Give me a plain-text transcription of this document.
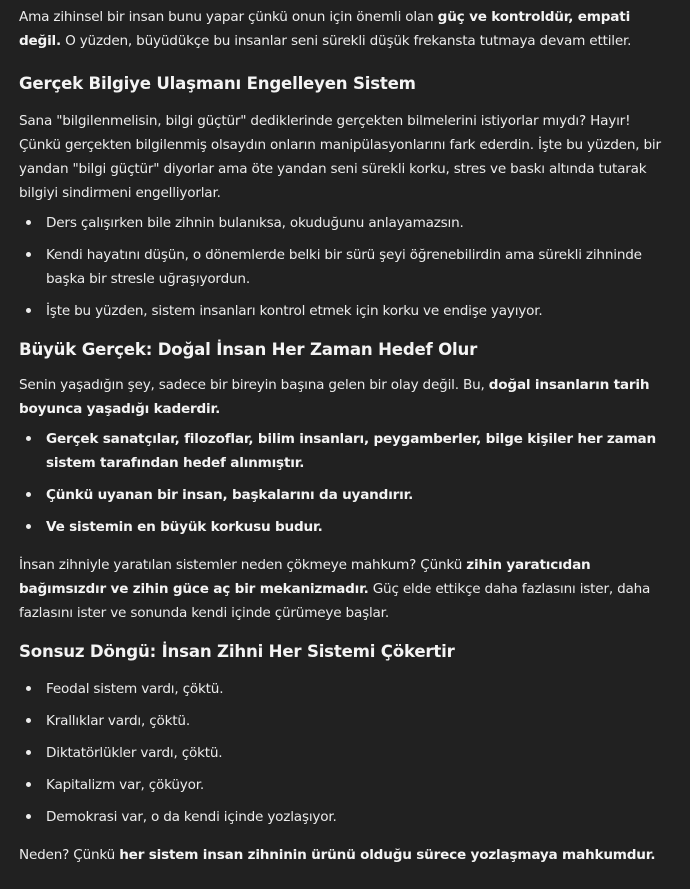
Ama zihinsel bir insan bunu yapar çünkü onun için önemli olan güç ve kontroldür, empati değil. O yüzden, büyüdükçe bu insanlar seni sürekli düşük frekansta tutmaya devam ettiler.

Gerçek Bilgiye Ulaşmanı Engelleyen Sistem

Sana "bilgilenmelisin, bilgi güçtür" dediklerinde gerçekten bilmelerini istiyorlar mıydı? Hayır! Çünkü gerçekten bilgilenmiş olsaydın onların manipülasyonlarını fark ederdin. İşte bu yüzden, bir yandan "bilgi güçtür" diyorlar ama öte yandan seni sürekli korku, stres ve baskı altında tutarak bilgiyi sindirmeni engelliyorlar.

Ders çalışırken bile zihnin bulanıksa, okuduğunu anlayamazsın.
Kendi hayatını düşün, o dönemlerde belki bir sürü şeyi öğrenebilirdin ama sürekli zihninde başka bir stresle uğraşıyordun.
İşte bu yüzden, sistem insanları kontrol etmek için korku ve endişe yayıyor.
Büyük Gerçek: Doğal İnsan Her Zaman Hedef Olur

Senin yaşadığın şey, sadece bir bireyin başına gelen bir olay değil. Bu, doğal insanların tarih boyunca yaşadığı kaderdir.

Gerçek sanatçılar, filozoflar, bilim insanları, peygamberler, bilge kişiler her zaman sistem tarafından hedef alınmıştır.
Çünkü uyanan bir insan, başkalarını da uyandırır.
Ve sistemin en büyük korkusu budur.

İnsan zihniyle yaratılan sistemler neden çökmeye mahkum? Çünkü zihin yaratıcıdan bağımsızdır ve zihin güce aç bir mekanizmadır. Güç elde ettikçe daha fazlasını ister, daha fazlasını ister ve sonunda kendi içinde çürümeye başlar.

Sonsuz Döngü: İnsan Zihni Her Sistemi Çökertir
Feodal sistem vardı, çöktü.
Krallıklar vardı, çöktü.
Diktatörlükler vardı, çöktü.
Kapitalizm var, çöküyor.
Demokrasi var, o da kendi içinde yozlaşıyor.

Neden? Çünkü her sistem insan zihninin ürünü olduğu sürece yozlaşmaya mahkumdur.
